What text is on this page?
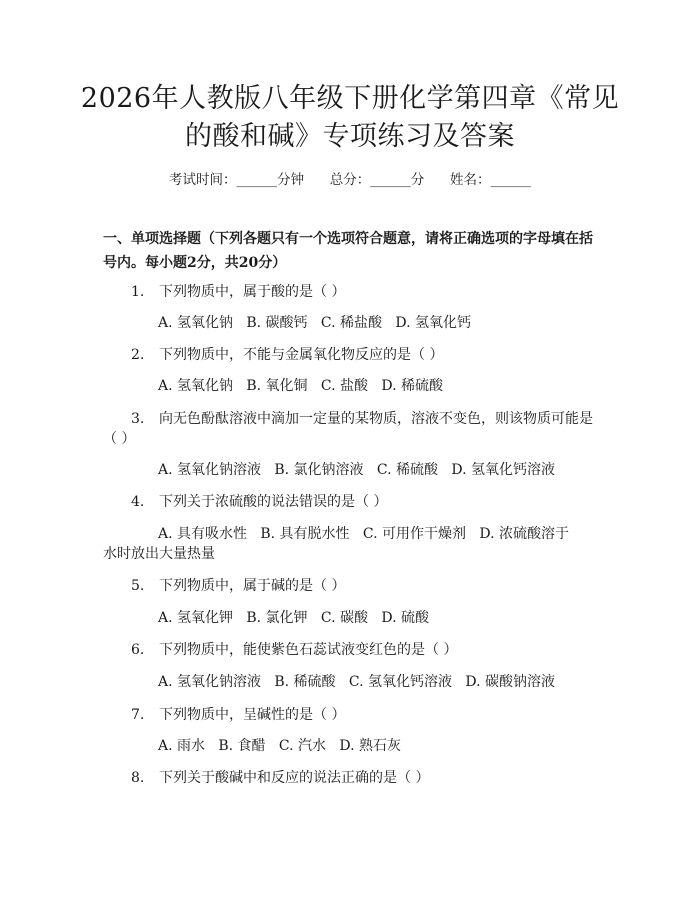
2026年人教版八年级下册化学第四章《常见
的酸和碱》专项练习及答案
考试时间：______分钟      总分：______分      姓名：______
一、单项选择题（下列各题只有一个选项符合题意，请将正确选项的字母填在括
号内。每小题2分，共20分）
1. 下列物质中，属于酸的是（ ）
A. 氢氧化钠   B. 碳酸钙   C. 稀盐酸   D. 氢氧化钙
2. 下列物质中，不能与金属氧化物反应的是（ ）
A. 氢氧化钠   B. 氧化铜   C. 盐酸   D. 稀硫酸
3. 向无色酚酞溶液中滴加一定量的某物质，溶液不变色，则该物质可能是
（ ）
A. 氢氧化钠溶液   B. 氯化钠溶液   C. 稀硫酸   D. 氢氧化钙溶液
4. 下列关于浓硫酸的说法错误的是（ ）
A. 具有吸水性   B. 具有脱水性   C. 可用作干燥剂   D. 浓硫酸溶于
水时放出大量热量
5. 下列物质中，属于碱的是（ ）
A. 氢氧化钾   B. 氯化钾   C. 碳酸   D. 硫酸
6. 下列物质中，能使紫色石蕊试液变红色的是（ ）
A. 氢氧化钠溶液   B. 稀硫酸   C. 氢氧化钙溶液   D. 碳酸钠溶液
7. 下列物质中，呈碱性的是（ ）
A. 雨水   B. 食醋   C. 汽水   D. 熟石灰
8. 下列关于酸碱中和反应的说法正确的是（ ）
